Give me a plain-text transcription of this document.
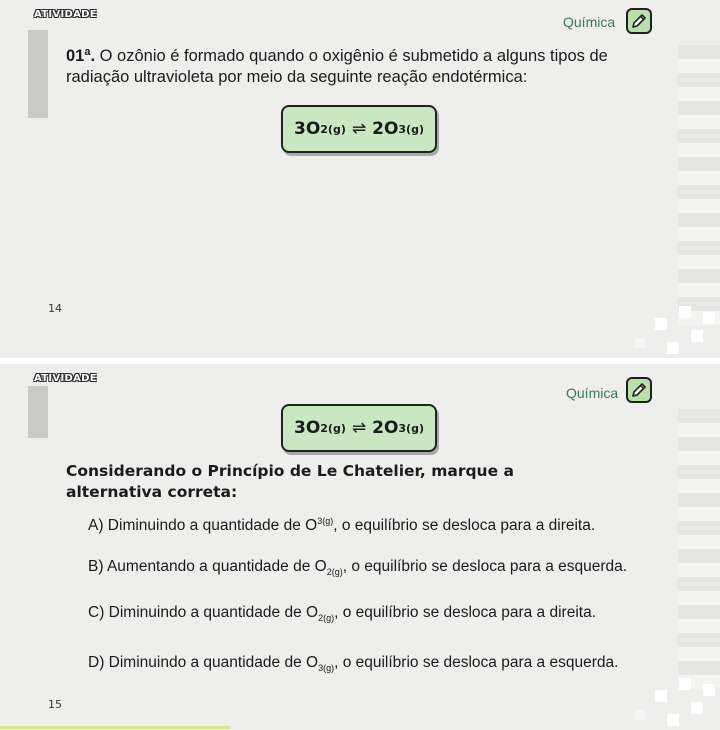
ATIVIDADE	Química
01ª. O ozônio é formado quando o oxigênio é submetido a alguns tipos de radiação ultravioleta por meio da seguinte reação endotérmica:
3O 2(g) ⇌ 2O 3(g)
14
ATIVIDADE
Química
3O 2(g) ⇌ 2O 3(g)
Considerando o Princípio de Le Chatelier, marque a alternativa correta:
A) Diminuindo a quantidade de $O^{3(g)}$, o equilíbrio se desloca para a direita.
B) Aumentando a quantidade de $O_{2(g)}$, o equilíbrio se desloca para a esquerda.
C) Diminuindo a quantidade de $O_{2(g)}$, o equilíbrio se desloca para a direita.
D) Diminuindo a quantidade de $O_{3(g)}$, o equilíbrio se desloca para a esquerda.
15
